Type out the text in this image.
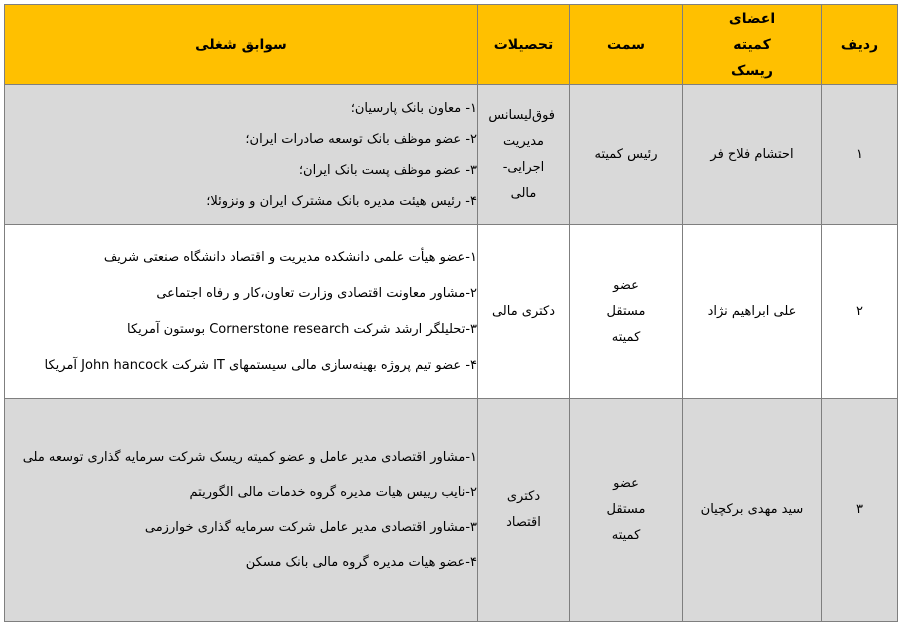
ردیف	اعضای کمیته ریسک	سمت	تحصیلات	سوابق شغلی
۱	احتشام فلاح فر	رئیس کمیته	فوق‌لیسانس مدیریت اجرایی- مالی	۱- معاون بانک پارسیان؛
۲- عضو موظف بانک توسعه صادرات ایران؛
۳- عضو موظف پست بانک ایران؛
۴- رئیس هیئت مدیره بانک مشترک ایران و ونزوئلا؛

۲	علی ابراهیم نژاد	عضو مستقل کمیته	دکتری مالی	۱-عضو هیأت علمی دانشکده مدیریت و اقتصاد دانشگاه صنعتی شریف
۲-مشاور معاونت اقتصادی وزارت تعاون،کار و رفاه اجتماعی
۳-تحلیلگر ارشد شرکت Cornerstone research بوستون آمریکا
۴- عضو تیم پروژه بهینه‌سازی مالی سیستمهای IT شرکت John hancock آمریکا

۳	سید مهدی برکچیان	عضو مستقل کمیته	دکتری اقتصاد	۱-مشاور اقتصادی مدیر عامل و عضو کمیته ریسک شرکت سرمایه گذاری توسعه ملی
۲-نایب رییس هیات مدیره گروه خدمات مالی الگوریتم
۳-مشاور اقتصادی مدیر عامل شرکت سرمایه گذاری خوارزمی
۴-عضو هیات مدیره گروه مالی بانک مسکن
